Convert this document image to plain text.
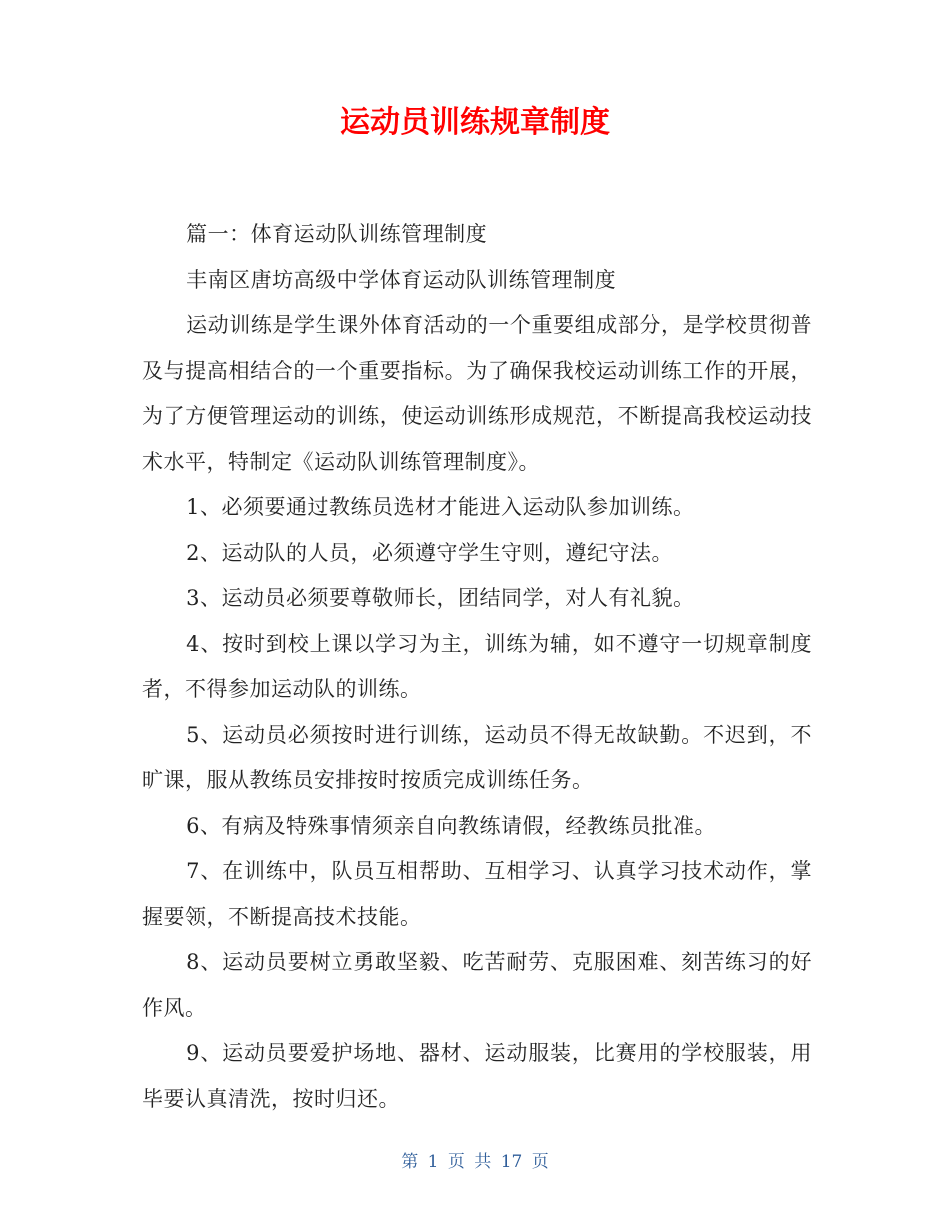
运动员训练规章制度

篇一：体育运动队训练管理制度

丰南区唐坊高级中学体育运动队训练管理制度

运动训练是学生课外体育活动的一个重要组成部分，是学校贯彻普及与提高相结合的一个重要指标。为了确保我校运动训练工作的开展，为了方便管理运动的训练，使运动训练形成规范，不断提高我校运动技术水平，特制定《运动队训练管理制度》。

1、必须要通过教练员选材才能进入运动队参加训练。

2、运动队的人员，必须遵守学生守则，遵纪守法。

3、运动员必须要尊敬师长，团结同学，对人有礼貌。

4、按时到校上课以学习为主，训练为辅，如不遵守一切规章制度者，不得参加运动队的训练。

5、运动员必须按时进行训练，运动员不得无故缺勤。不迟到，不旷课，服从教练员安排按时按质完成训练任务。

6、有病及特殊事情须亲自向教练请假，经教练员批准。

7、在训练中，队员互相帮助、互相学习、认真学习技术动作，掌握要领，不断提高技术技能。

8、运动员要树立勇敢坚毅、吃苦耐劳、克服困难、刻苦练习的好作风。

9、运动员要爱护场地、器材、运动服装，比赛用的学校服装，用毕要认真清洗，按时归还。

第 1 页 共 17 页
